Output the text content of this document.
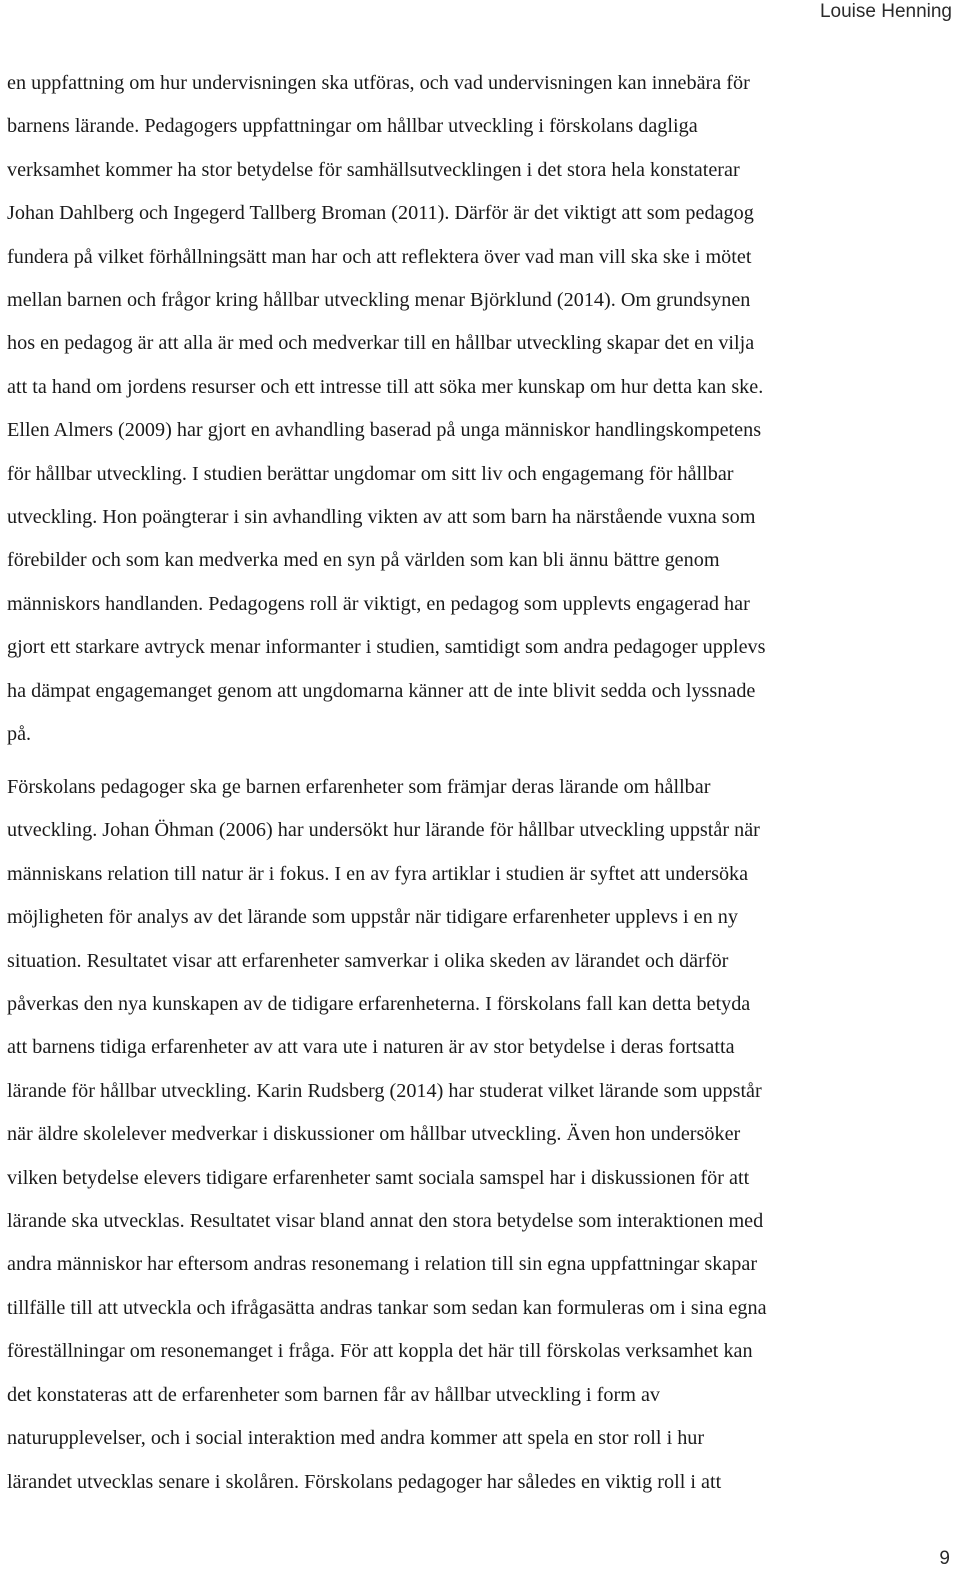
Louise Henning

en uppfattning om hur undervisningen ska utföras, och vad undervisningen kan innebära för
barnens lärande. Pedagogers uppfattningar om hållbar utveckling i förskolans dagliga
verksamhet kommer ha stor betydelse för samhällsutvecklingen i det stora hela konstaterar
Johan Dahlberg och Ingegerd Tallberg Broman (2011). Därför är det viktigt att som pedagog
fundera på vilket förhållningsätt man har och att reflektera över vad man vill ska ske i mötet
mellan barnen och frågor kring hållbar utveckling menar Björklund (2014). Om grundsynen
hos en pedagog är att alla är med och medverkar till en hållbar utveckling skapar det en vilja
att ta hand om jordens resurser och ett intresse till att söka mer kunskap om hur detta kan ske.
Ellen Almers (2009) har gjort en avhandling baserad på unga människor handlingskompetens
för hållbar utveckling. I studien berättar ungdomar om sitt liv och engagemang för hållbar
utveckling. Hon poängterar i sin avhandling vikten av att som barn ha närstående vuxna som
förebilder och som kan medverka med en syn på världen som kan bli ännu bättre genom
människors handlanden. Pedagogens roll är viktigt, en pedagog som upplevts engagerad har
gjort ett starkare avtryck menar informanter i studien, samtidigt som andra pedagoger upplevs
ha dämpat engagemanget genom att ungdomarna känner att de inte blivit sedda och lyssnade
på.

Förskolans pedagoger ska ge barnen erfarenheter som främjar deras lärande om hållbar
utveckling. Johan Öhman (2006) har undersökt hur lärande för hållbar utveckling uppstår när
människans relation till natur är i fokus. I en av fyra artiklar i studien är syftet att undersöka
möjligheten för analys av det lärande som uppstår när tidigare erfarenheter upplevs i en ny
situation. Resultatet visar att erfarenheter samverkar i olika skeden av lärandet och därför
påverkas den nya kunskapen av de tidigare erfarenheterna. I förskolans fall kan detta betyda
att barnens tidiga erfarenheter av att vara ute i naturen är av stor betydelse i deras fortsatta
lärande för hållbar utveckling. Karin Rudsberg (2014) har studerat vilket lärande som uppstår
när äldre skolelever medverkar i diskussioner om hållbar utveckling. Även hon undersöker
vilken betydelse elevers tidigare erfarenheter samt sociala samspel har i diskussionen för att
lärande ska utvecklas. Resultatet visar bland annat den stora betydelse som interaktionen med
andra människor har eftersom andras resonemang i relation till sin egna uppfattningar skapar
tillfälle till att utveckla och ifrågasätta andras tankar som sedan kan formuleras om i sina egna
föreställningar om resonemanget i fråga. För att koppla det här till förskolas verksamhet kan
det konstateras att de erfarenheter som barnen får av hållbar utveckling i form av
naturupplevelser, och i social interaktion med andra kommer att spela en stor roll i hur
lärandet utvecklas senare i skolåren. Förskolans pedagoger har således en viktig roll i att

9
